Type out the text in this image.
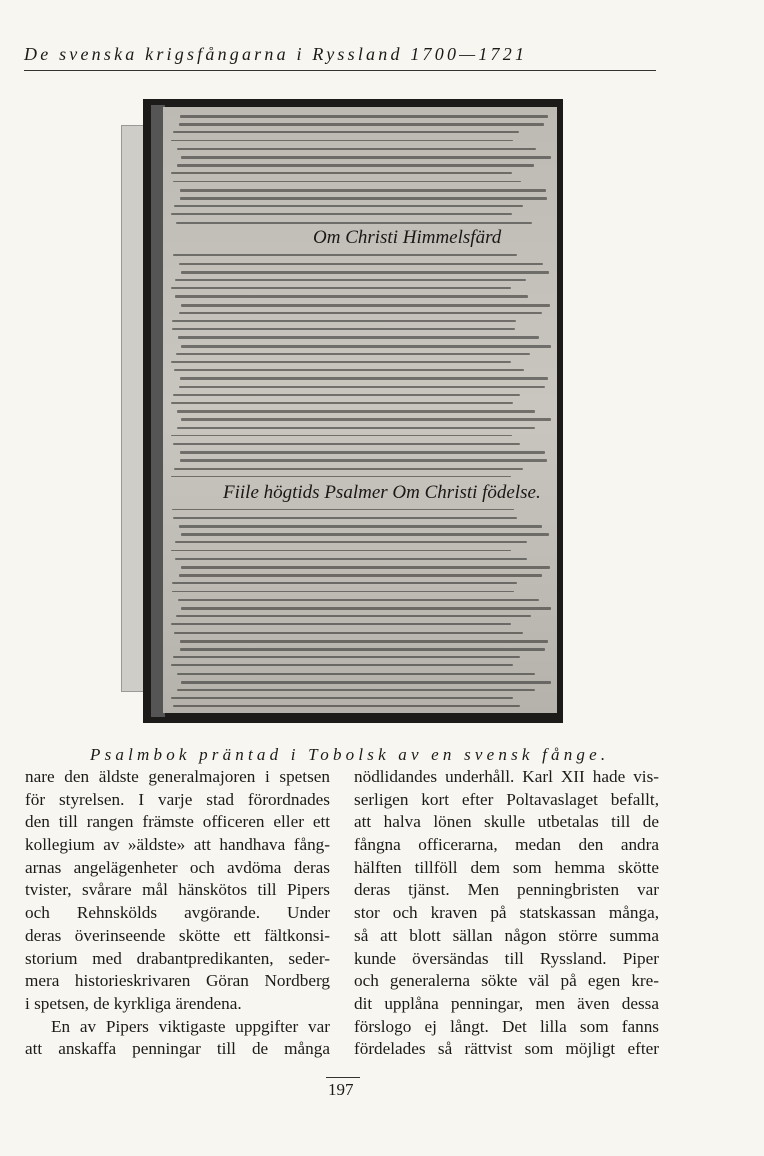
De svenska krigsfångarna i Ryssland 1700—1721
Om Christi Himmelsfärd
Fiile högtids Psalmer Om Christi födelse.
Psalmbok präntad i Tobolsk av en svensk fånge.
nare den äldste generalmajoren i spetsen
för styrelsen. I varje stad förordnades
den till rangen främste officeren eller ett
kollegium av »äldste» att handhava fång-
arnas angelägenheter och avdöma deras
tvister, svårare mål hänskötos till Pipers
och Rehnskölds avgörande. Under
deras överinseende skötte ett fältkonsi-
storium med drabantpredikanten, seder-
mera historieskrivaren Göran Nordberg
i spetsen, de kyrkliga ärendena.
En av Pipers viktigaste uppgifter var
att anskaffa penningar till de många
nödlidandes underhåll. Karl XII hade vis-
serligen kort efter Poltavaslaget befallt,
att halva lönen skulle utbetalas till de
fångna officerarna, medan den andra
hälften tillföll dem som hemma skötte
deras tjänst. Men penningbristen var
stor och kraven på statskassan många,
så att blott sällan någon större summa
kunde översändas till Ryssland. Piper
och generalerna sökte väl på egen kre-
dit upplåna penningar, men även dessa
förslogo ej långt. Det lilla som fanns
fördelades så rättvist som möjligt efter
197
